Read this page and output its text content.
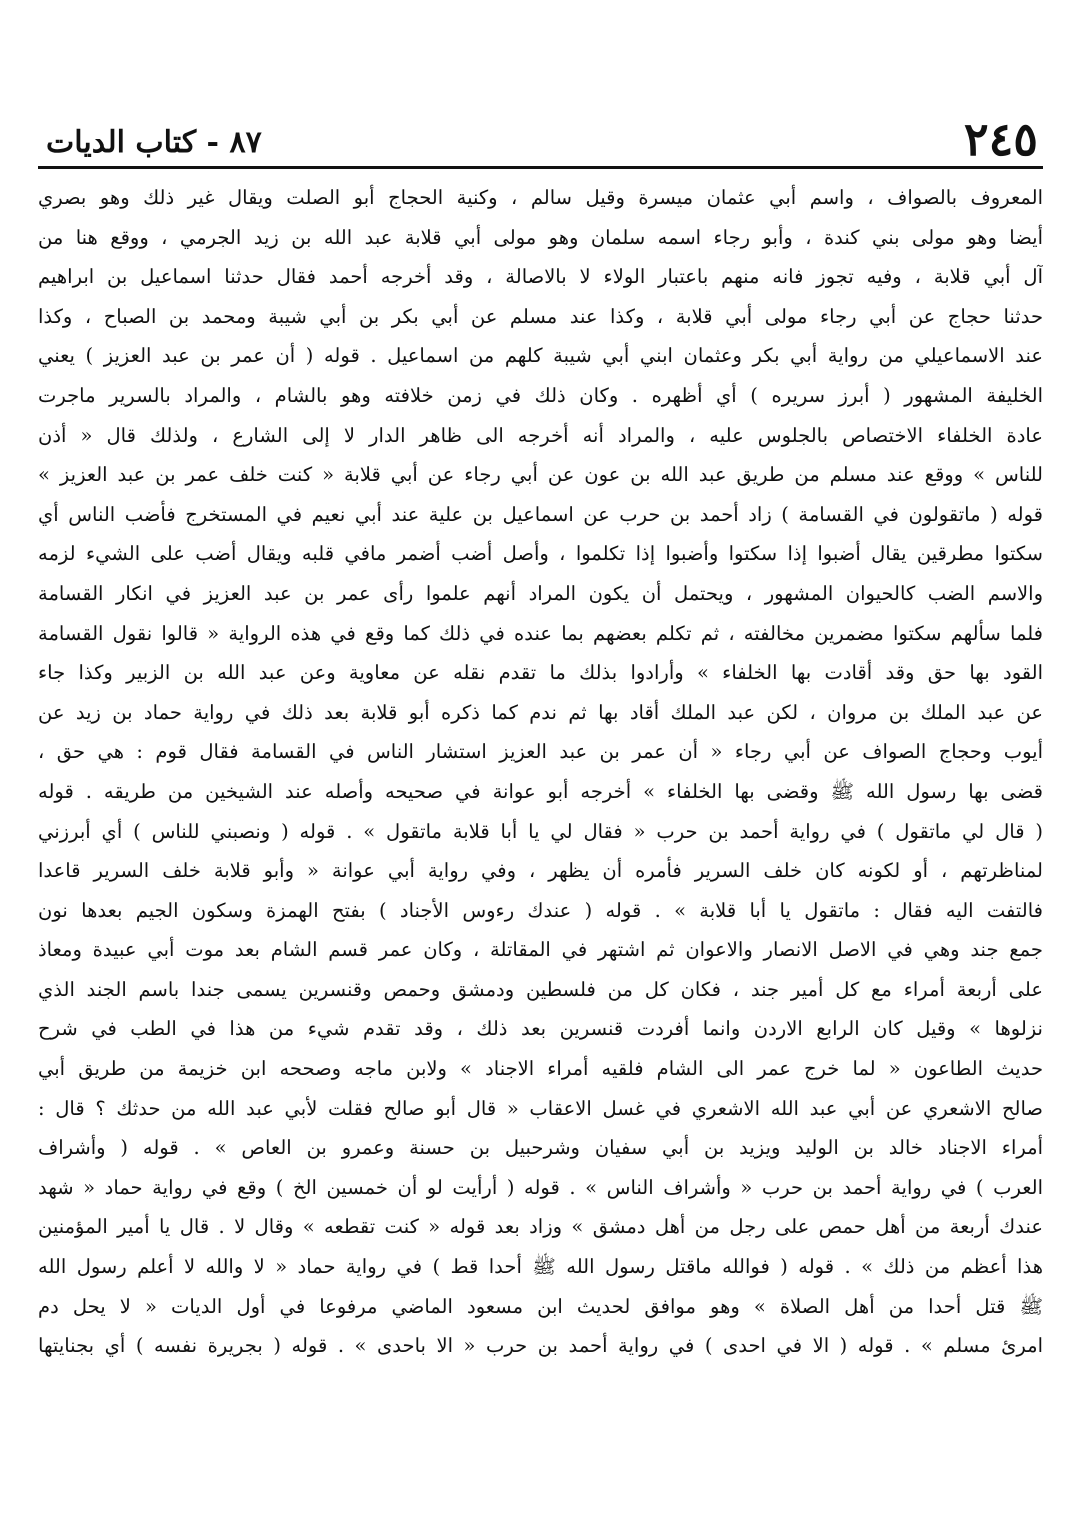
٢٤٥
٨٧ - كتاب الديات
المعروف بالصواف ، واسم أبي عثمان ميسرة وقيل سالم ، وكنية الحجاج أبو الصلت ويقال غير ذلك وهو بصري
أيضا وهو مولى بني كندة ، وأبو رجاء اسمه سلمان وهو مولى أبي قلابة عبد الله بن زيد الجرمي ، ووقع هنا من
آل أبي قلابة ، وفيه تجوز فانه منهم باعتبار الولاء لا بالاصالة ، وقد أخرجه أحمد فقال حدثنا اسماعيل بن ابراهيم
حدثنا حجاج عن أبي رجاء مولى أبي قلابة ، وكذا عند مسلم عن أبي بكر بن أبي شيبة ومحمد بن الصباح ، وكذا
عند الاسماعيلي من رواية أبي بكر وعثمان ابني أبي شيبة كلهم من اسماعيل . قوله ( أن عمر بن عبد العزيز ) يعني
الخليفة المشهور ( أبرز سريره ) أي أظهره . وكان ذلك في زمن خلافته وهو بالشام ، والمراد بالسرير ماجرت
عادة الخلفاء الاختصاص بالجلوس عليه ، والمراد أنه أخرجه الى ظاهر الدار لا إلى الشارع ، ولذلك قال « أذن
للناس » ووقع عند مسلم من طريق عبد الله بن عون عن أبي رجاء عن أبي قلابة « كنت خلف عمر بن عبد العزيز »
قوله ( ماتقولون في القسامة ) زاد أحمد بن حرب عن اسماعيل بن علية عند أبي نعيم في المستخرج فأضب الناس أي
سكتوا مطرقين يقال أضبوا إذا سكتوا وأضبوا إذا تكلموا ، وأصل أضب أضمر مافي قلبه ويقال أضب على الشيء لزمه
والاسم الضب كالحيوان المشهور ، ويحتمل أن يكون المراد أنهم علموا رأى عمر بن عبد العزيز في انكار القسامة
فلما سألهم سكتوا مضمرين مخالفته ، ثم تكلم بعضهم بما عنده في ذلك كما وقع في هذه الرواية « قالوا نقول القسامة
القود بها حق وقد أقادت بها الخلفاء » وأرادوا بذلك ما تقدم نقله عن معاوية وعن عبد الله بن الزبير وكذا جاء
عن عبد الملك بن مروان ، لكن عبد الملك أقاد بها ثم ندم كما ذكره أبو قلابة بعد ذلك في رواية حماد بن زيد عن
أيوب وحجاج الصواف عن أبي رجاء « أن عمر بن عبد العزيز استشار الناس في القسامة فقال قوم : هي حق ،
قضى بها رسول الله ﷺ وقضى بها الخلفاء » أخرجه أبو عوانة في صحيحه وأصله عند الشيخين من طريقه . قوله
( قال لي ماتقول ) في رواية أحمد بن حرب « فقال لي يا أبا قلابة ماتقول » . قوله ( ونصبني للناس ) أي أبرزني
لمناظرتهم ، أو لكونه كان خلف السرير فأمره أن يظهر ، وفي رواية أبي عوانة « وأبو قلابة خلف السرير قاعدا
فالتفت اليه فقال : ماتقول يا أبا قلابة » . قوله ( عندك رءوس الأجناد ) بفتح الهمزة وسكون الجيم بعدها نون
جمع جند وهي في الاصل الانصار والاعوان ثم اشتهر في المقاتلة ، وكان عمر قسم الشام بعد موت أبي عبيدة ومعاذ
على أربعة أمراء مع كل أمير جند ، فكان كل من فلسطين ودمشق وحمص وقنسرين يسمى جندا باسم الجند الذي
نزلوها » وقيل كان الرابع الاردن وانما أفردت قنسرين بعد ذلك ، وقد تقدم شيء من هذا في الطب في شرح
حديث الطاعون « لما خرج عمر الى الشام فلقيه أمراء الاجناد » ولابن ماجه وصححه ابن خزيمة من طريق أبي
صالح الاشعري عن أبي عبد الله الاشعري في غسل الاعقاب « قال أبو صالح فقلت لأبي عبد الله من حدثك ؟ قال :
أمراء الاجناد خالد بن الوليد ويزيد بن أبي سفيان وشرحبيل بن حسنة وعمرو بن العاص » . قوله ( وأشراف
العرب ) في رواية أحمد بن حرب « وأشراف الناس » . قوله ( أرأيت لو أن خمسين الخ ) وقع في رواية حماد « شهد
عندك أربعة من أهل حمص على رجل من أهل دمشق » وزاد بعد قوله « كنت تقطعه » وقال لا . قال يا أمير المؤمنين
هذا أعظم من ذلك » . قوله ( فوالله ماقتل رسول الله ﷺ أحدا قط ) في رواية حماد « لا والله لا أعلم رسول الله
ﷺ قتل أحدا من أهل الصلاة » وهو موافق لحديث ابن مسعود الماضي مرفوعا في أول الديات « لا يحل دم
امرئ مسلم » . قوله ( الا في احدى ) في رواية أحمد بن حرب « الا باحدى » . قوله ( بجريرة نفسه ) أي بجنايتها
